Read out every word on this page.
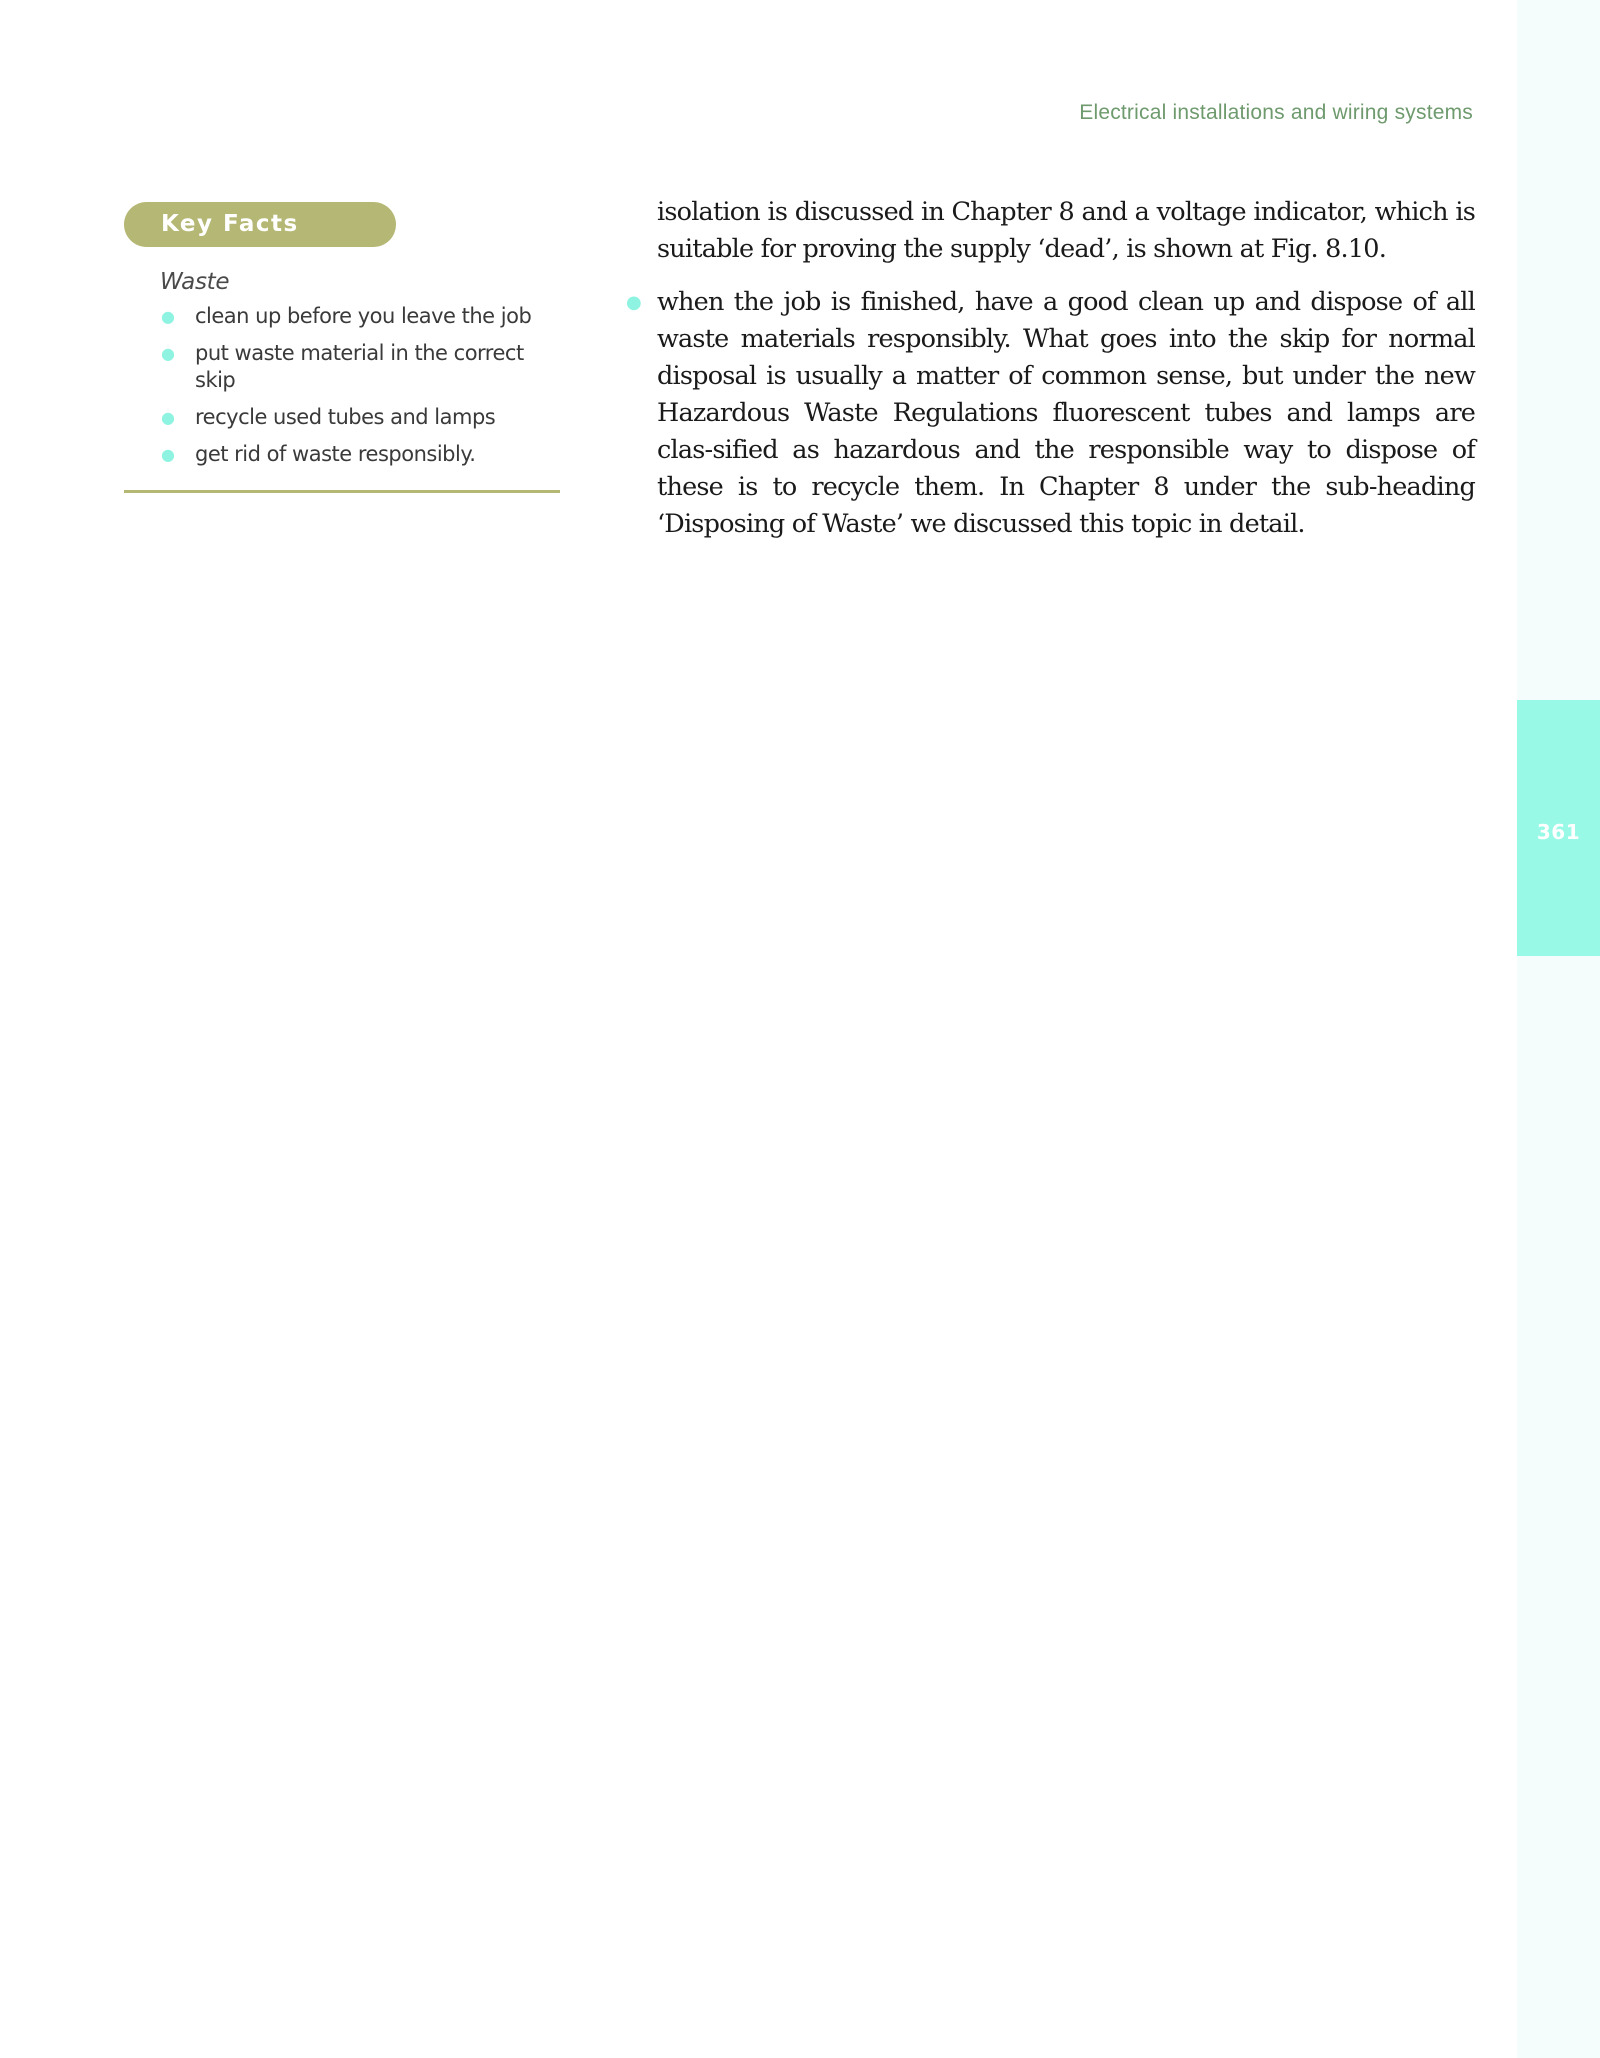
Electrical installations and wiring systems
361
Key Facts
Waste
● clean up before you leave the job
● put waste material in the correct skip
● recycle used tubes and lamps
● get rid of waste responsibly.

isolation is discussed in Chapter 8 and a voltage indicator, which is suitable for proving the supply ‘dead’, is shown at Fig. 8.10.

● when the job is finished, have a good clean up and dispose of all waste materials responsibly. What goes into the skip for normal disposal is usually a matter of common sense, but under the new Hazardous Waste Regulations fluorescent tubes and lamps are clas-sified as hazardous and the responsible way to dispose of these is to recycle them. In Chapter 8 under the sub-heading ‘Disposing of Waste’ we discussed this topic in detail.
